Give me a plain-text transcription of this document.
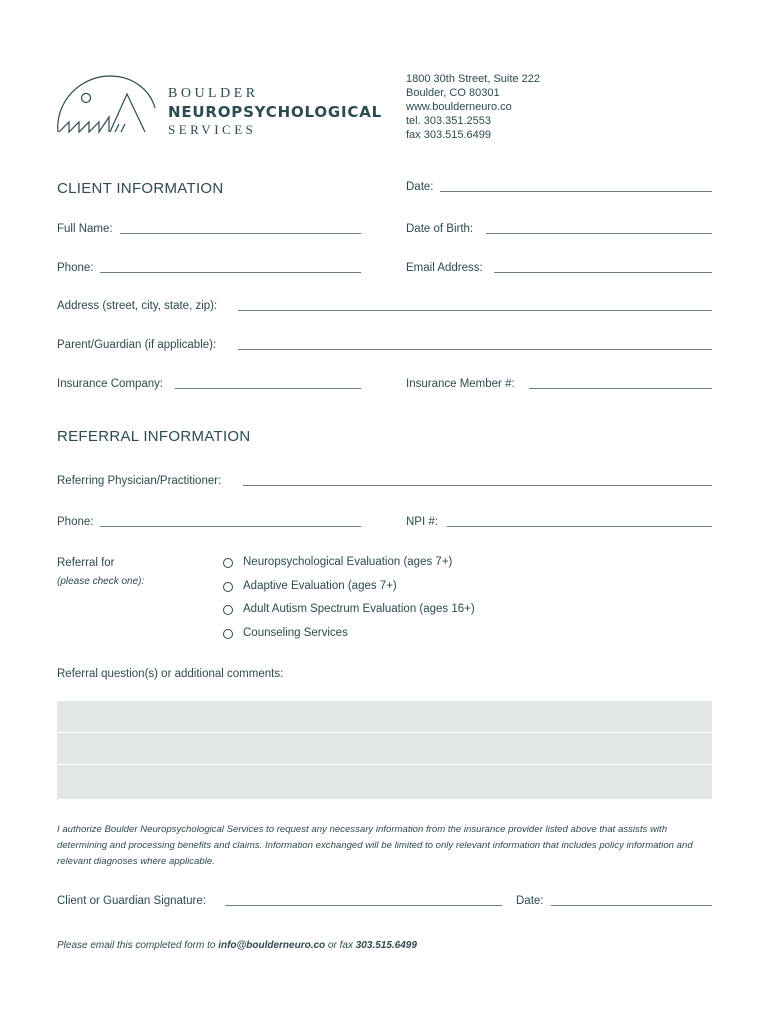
BOULDER
NEUROPSYCHOLOGICAL
SERVICES
1800 30th Street, Suite 222
Boulder, CO 80301
www.boulderneuro.co
tel. 303.351.2553
fax 303.515.6499
CLIENT INFORMATION	Date:
Full Name:	Date of Birth:
Phone:	Email Address:
Address (street, city, state, zip):
Parent/Guardian (if applicable):
Insurance Company:	Insurance Member #:
REFERRAL INFORMATION
Referring Physician/Practitioner:
Phone:	NPI #:
Referral for
(please check one):
Neuropsychological Evaluation (ages 7+)
Adaptive Evaluation (ages 7+)
Adult Autism Spectrum Evaluation (ages 16+)
Counseling Services
Referral question(s) or additional comments:
I authorize Boulder Neuropsychological Services to request any necessary information from the insurance provider listed above that assists with determining and processing benefits and claims. Information exchanged will be limited to only relevant information that includes policy information and relevant diagnoses where applicable.
Client or Guardian Signature:	Date:
Please email this completed form to info@boulderneuro.co or fax 303.515.6499
